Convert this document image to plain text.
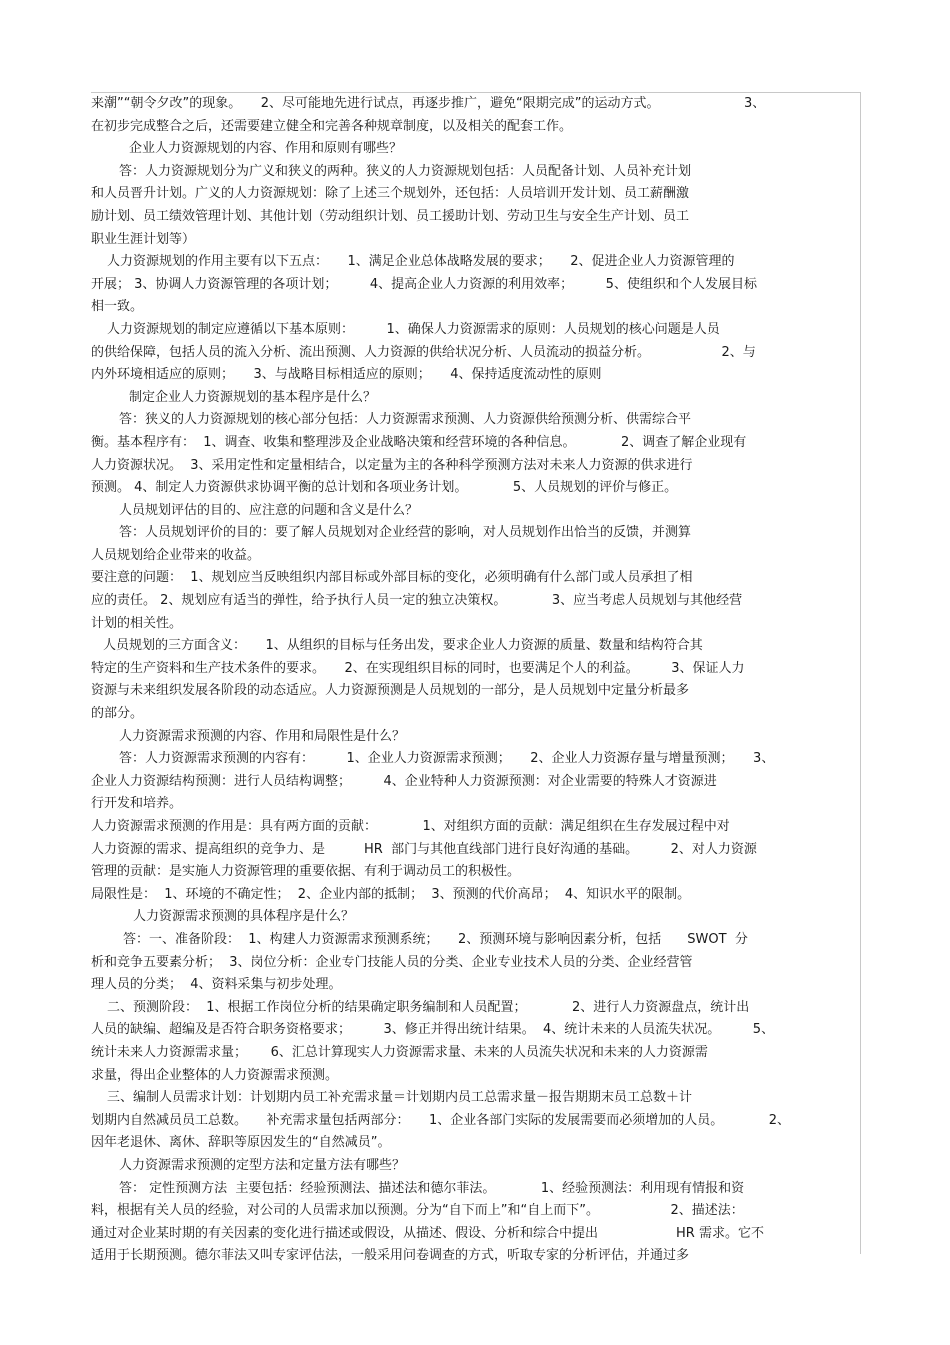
来潮”“朝令夕改”的现象。　　2、尽可能地先进行试点，再逐步推广，避免“限期完成”的运动方式。　　　　　　　3、
在初步完成整合之后，还需要建立健全和完善各种规章制度，以及相关的配套工作。
企业人力资源规划的内容、作用和原则有哪些？
答：人力资源规划分为广义和狭义的两种。狭义的人力资源规划包括：人员配备计划、人员补充计划
和人员晋升计划。广义的人力资源规划：除了上述三个规划外，还包括：人员培训开发计划、员工薪酬激
励计划、员工绩效管理计划、其他计划（劳动组织计划、员工援助计划、劳动卫生与安全生产计划、员工
职业生涯计划等）
人力资源规划的作用主要有以下五点：　　1、满足企业总体战略发展的要求；　　2、促进企业人力资源管理的
开展； 3、协调人力资源管理的各项计划；　　　4、提高企业人力资源的利用效率；　　　5、使组织和个人发展目标
相一致。
人力资源规划的制定应遵循以下基本原则：　　　1、确保人力资源需求的原则：人员规划的核心问题是人员
的供给保障，包括人员的流入分析、流出预测、人力资源的供给状况分析、人员流动的损益分析。　　　　　　2、与
内外环境相适应的原则；　　3、与战略目标相适应的原则；　　4、保持适度流动性的原则
制定企业人力资源规划的基本程序是什么？
答：狭义的人力资源规划的核心部分包括：人力资源需求预测、人力资源供给预测分析、供需综合平
衡。基本程序有：  1、调查、收集和整理涉及企业战略决策和经营环境的各种信息。　　　　2、调查了解企业现有
人力资源状况。  3、采用定性和定量相结合，以定量为主的各种科学预测方法对未来人力资源的供求进行
预测。 4、制定人力资源供求协调平衡的总计划和各项业务计划。　　　　5、人员规划的评价与修正。
人员规划评估的目的、应注意的问题和含义是什么？
答：人员规划评价的目的：要了解人员规划对企业经营的影响，对人员规划作出恰当的反馈，并测算
人员规划给企业带来的收益。
要注意的问题：  1、规划应当反映组织内部目标或外部目标的变化，必须明确有什么部门或人员承担了相
应的责任。 2、规划应有适当的弹性，给予执行人员一定的独立决策权。　　　　3、应当考虑人员规划与其他经营
计划的相关性。
人员规划的三方面含义：　　1、从组织的目标与任务出发，要求企业人力资源的质量、数量和结构符合其
特定的生产资料和生产技术条件的要求。　　2、在实现组织目标的同时，也要满足个人的利益。　　　3、保证人力
资源与未来组织发展各阶段的动态适应。人力资源预测是人员规划的一部分，是人员规划中定量分析最多
的部分。
人力资源需求预测的内容、作用和局限性是什么？
答：人力资源需求预测的内容有：　　　1、企业人力资源需求预测；　　2、企业人力资源存量与增量预测；　　3、
企业人力资源结构预测：进行人员结构调整；　　　4、企业特种人力资源预测：对企业需要的特殊人才资源进
行开发和培养。
人力资源需求预测的作用是：具有两方面的贡献：　　　　1、对组织方面的贡献：满足组织在生存发展过程中对
人力资源的需求、提高组织的竞争力、是　　　HR  部门与其他直线部门进行良好沟通的基础。　　　2、对人力资源
管理的贡献：是实施人力资源管理的重要依据、有利于调动员工的积极性。
局限性是：  1、环境的不确定性；  2、企业内部的抵制；  3、预测的代价高昂；  4、知识水平的限制。
人力资源需求预测的具体程序是什么？
答：一、准备阶段：  1、构建人力资源需求预测系统；　　2、预测环境与影响因素分析，包括　　SWOT  分
析和竞争五要素分析；  3、岗位分析：企业专门技能人员的分类、企业专业技术人员的分类、企业经营管
理人员的分类；  4、资料采集与初步处理。
二、预测阶段：  1、根据工作岗位分析的结果确定职务编制和人员配置；　　　　2、进行人力资源盘点，统计出
人员的缺编、超编及是否符合职务资格要求；　　　3、修正并得出统计结果。  4、统计未来的人员流失状况。　　　5、
统计未来人力资源需求量；　　 6、汇总计算现实人力资源需求量、未来的人员流失状况和未来的人力资源需
求量，得出企业整体的人力资源需求预测。
三、编制人员需求计划：计划期内员工补充需求量＝计划期内员工总需求量－报告期期末员工总数＋计
划期内自然减员员工总数。　　补充需求量包括两部分：　　1、企业各部门实际的发展需要而必须增加的人员。　　　　2、
因年老退休、离休、辞职等原因发生的“自然减员”。
人力资源需求预测的定型方法和定量方法有哪些？
答： 定性预测方法  主要包括：经验预测法、描述法和德尔菲法。　　　　1、经验预测法：利用现有情报和资
料，根据有关人员的经验，对公司的人员需求加以预测。分为“自下而上”和“自上而下”。　　　　　　2、描述法：
通过对企业某时期的有关因素的变化进行描述或假设，从描述、假设、分析和综合中提出　　　　　　HR 需求。它不
适用于长期预测。德尔菲法又叫专家评估法，一般采用问卷调查的方式，听取专家的分析评估，并通过多
